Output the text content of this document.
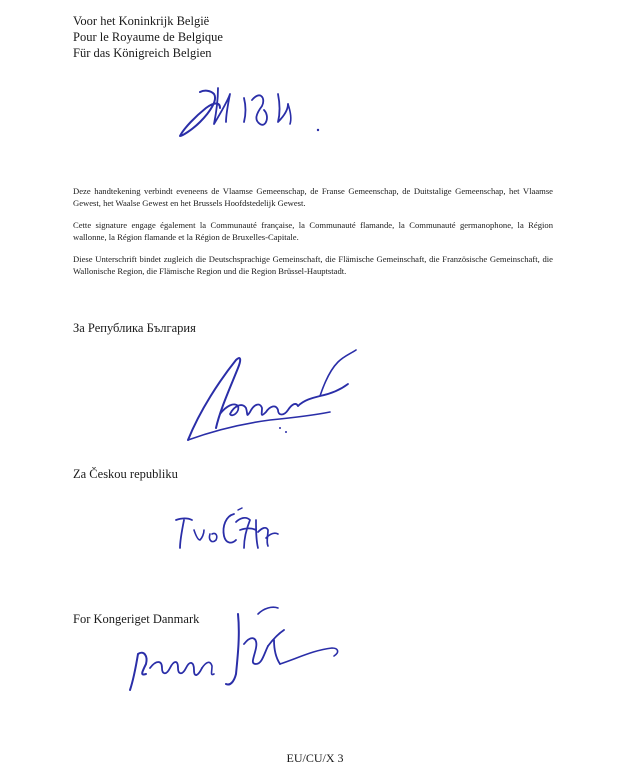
Voor het Koninkrijk België
Pour le Royaume de Belgique
Für das Königreich Belgien

Deze handtekening verbindt eveneens de Vlaamse Gemeenschap, de Franse Gemeenschap, de Duitstalige Gemeenschap, het Vlaamse Gewest, het Waalse Gewest en het Brussels Hoofdstedelijk Gewest.

Cette signature engage également la Communauté française, la Communauté flamande, la Communauté germanophone, la Région wallonne, la Région flamande et la Région de Bruxelles-Capitale.

Diese Unterschrift bindet zugleich die Deutschsprachige Gemeinschaft, die Flämische Gemeinschaft, die Französische Gemeinschaft, die Wallonische Region, die Flämische Region und die Region Brüssel-Hauptstadt.

За Република България
Za Českou republiku
For Kongeriget Danmark
EU/CU/X 3
